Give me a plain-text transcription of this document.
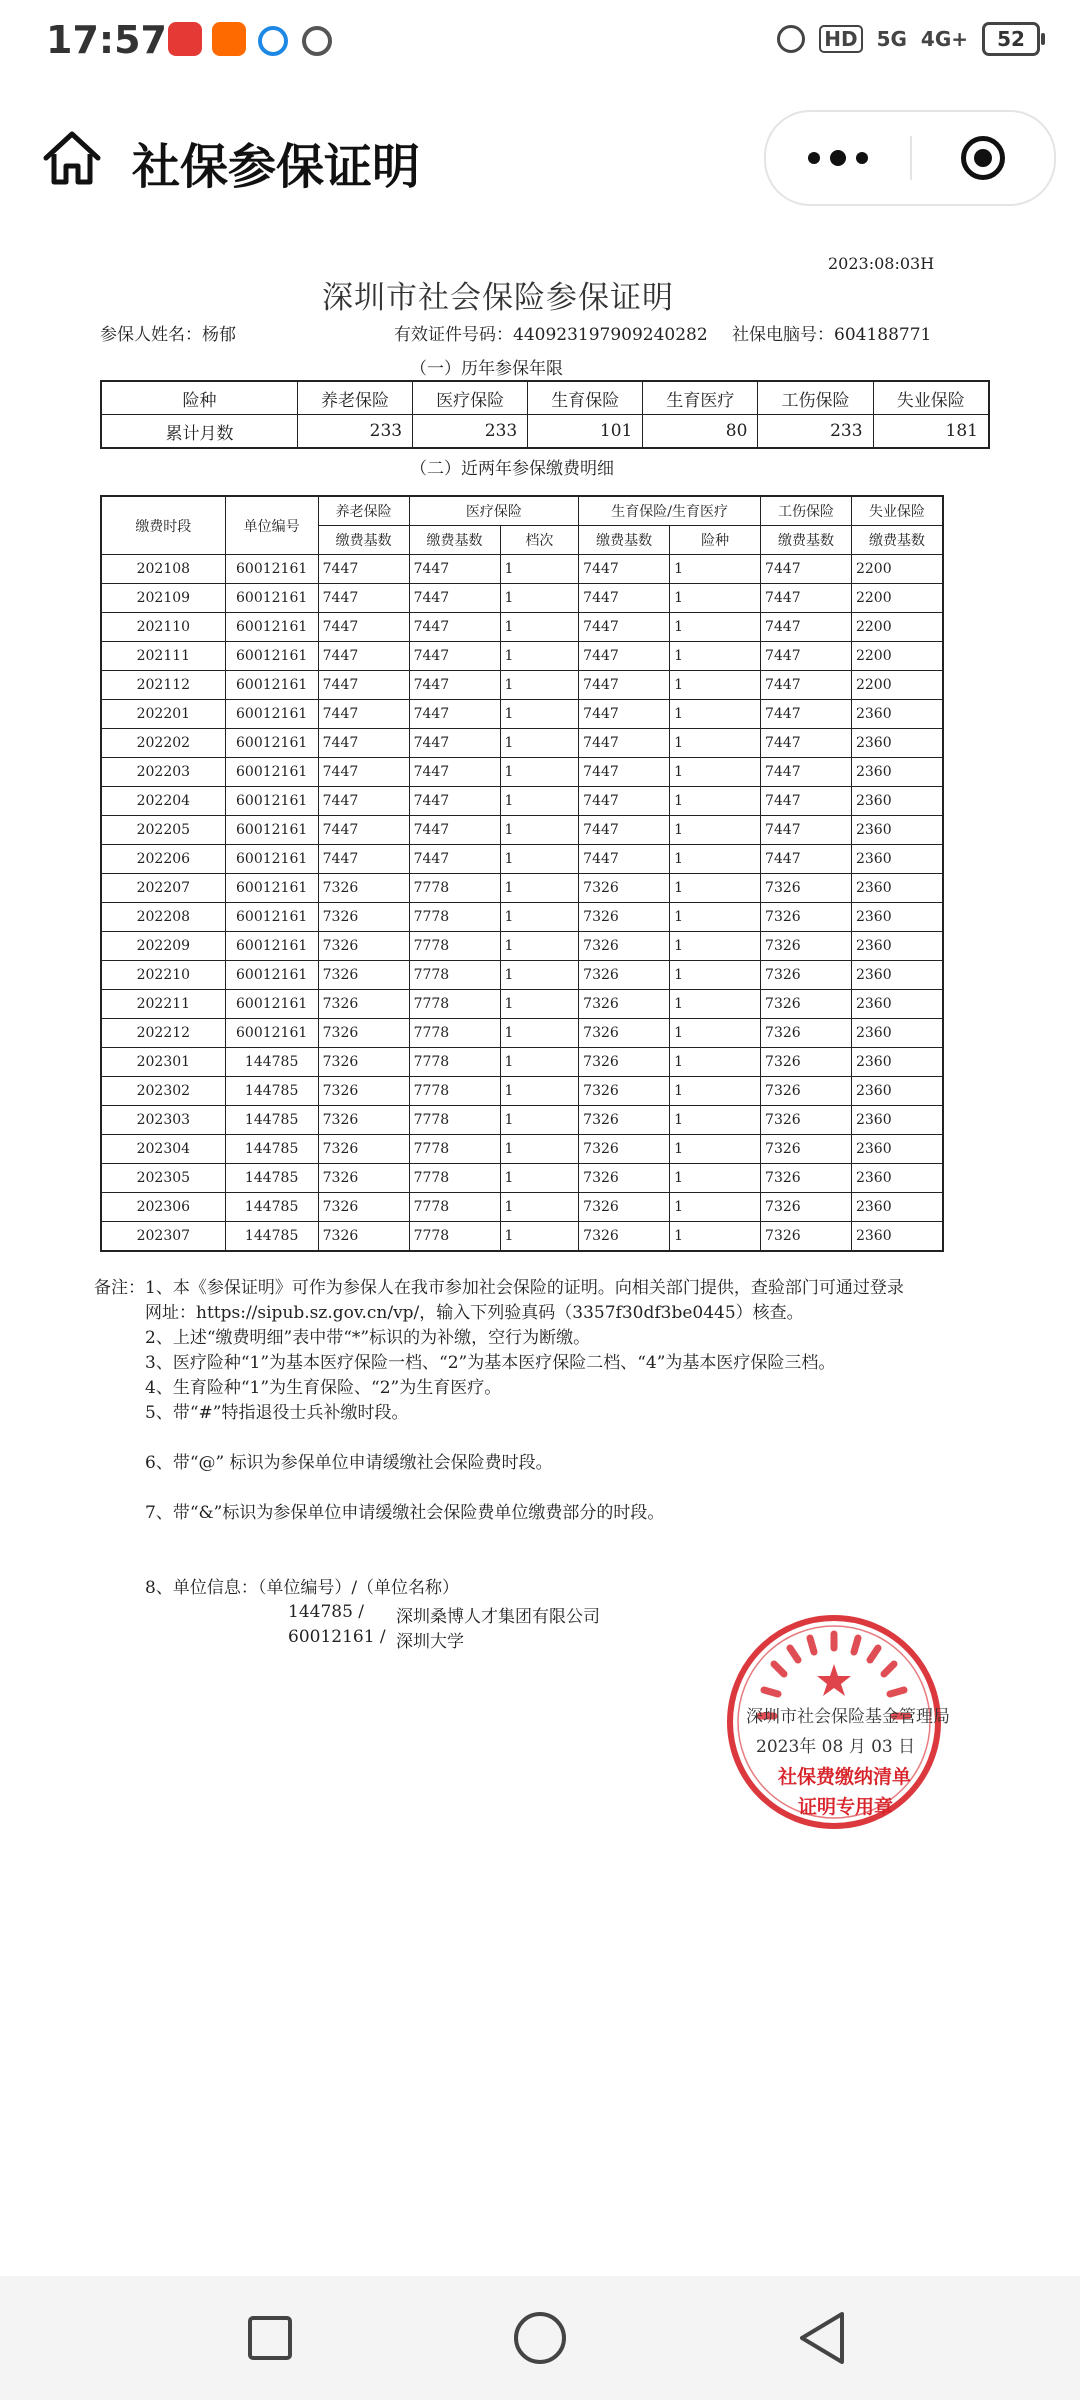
17:57	HD 5G 4G+	52
社保参保证明
2023:08:03H
深圳市社会保险参保证明
参保人姓名：杨郁	有效证件号码：440923197909240282 社保电脑号：604188771
（一）历年参保年限
险种	养老保险	医疗保险	生育保险	生育医疗	工伤保险	失业保险
累计月数	233	233	101	80	233	181
（二）近两年参保缴费明细
缴费时段	单位编号	养老保险	医疗保险		生育保险/生育医疗		工伤保险	失业保险
		缴费基数	缴费基数	档次	缴费基数	险种	缴费基数	缴费基数
202108	60012161	7447	7447	1	7447	1	7447	2200
202109	60012161	7447	7447	1	7447	1	7447	2200
202110	60012161	7447	7447	1	7447	1	7447	2200
202111	60012161	7447	7447	1	7447	1	7447	2200
202112	60012161	7447	7447	1	7447	1	7447	2200
202201	60012161	7447	7447	1	7447	1	7447	2360
202202	60012161	7447	7447	1	7447	1	7447	2360
202203	60012161	7447	7447	1	7447	1	7447	2360
202204	60012161	7447	7447	1	7447	1	7447	2360
202205	60012161	7447	7447	1	7447	1	7447	2360
202206	60012161	7447	7447	1	7447	1	7447	2360
202207	60012161	7326	7778	1	7326	1	7326	2360
202208	60012161	7326	7778	1	7326	1	7326	2360
202209	60012161	7326	7778	1	7326	1	7326	2360
202210	60012161	7326	7778	1	7326	1	7326	2360
202211	60012161	7326	7778	1	7326	1	7326	2360
202212	60012161	7326	7778	1	7326	1	7326	2360
202301	144785	7326	7778	1	7326	1	7326	2360
202302	144785	7326	7778	1	7326	1	7326	2360
202303	144785	7326	7778	1	7326	1	7326	2360
202304	144785	7326	7778	1	7326	1	7326	2360
202305	144785	7326	7778	1	7326	1	7326	2360
202306	144785	7326	7778	1	7326	1	7326	2360
202307	144785	7326	7778	1	7326	1	7326	2360
备注：1、本《参保证明》可作为参保人在我市参加社会保险的证明。向相关部门提供，查验部门可通过登录
网址：https://sipub.sz.gov.cn/vp/，输入下列验真码（3357f30df3be0445）核查。
2、上述“缴费明细”表中带“*”标识的为补缴，空行为断缴。
3、医疗险种“1”为基本医疗保险一档、“2”为基本医疗保险二档、“4”为基本医疗保险三档。
4、生育险种“1”为生育保险、“2”为生育医疗。
5、带“#”特指退役士兵补缴时段。
6、带“@” 标识为参保单位申请缓缴社会保险费时段。
7、带“&”标识为参保单位申请缓缴社会保险费单位缴费部分的时段。
8、单位信息：（单位编号）/（单位名称）
144785 / 深圳桑博人才集团有限公司
60012161 / 深圳大学
深圳市社会保险基金管理局
2023年 08 月 03 日
社保费缴纳清单
证明专用章
